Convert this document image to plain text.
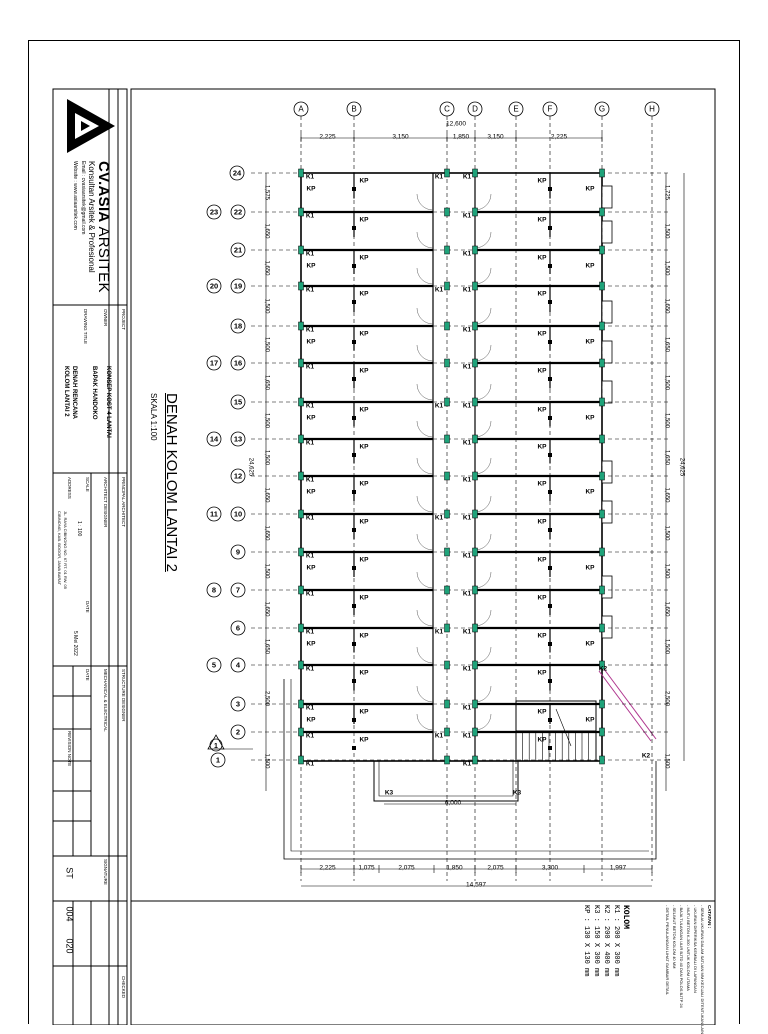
K1	K1
K1
K1	K1
K1	K1
K1	K1
K1
K1	K1
K1	K1
K1	K1
K1
K1	K1
K1	K1
K1	K1
K1
K1	K1
K1	K1
K1	K1
K1
K1	K1
K1	K1
K1	K1
K1
K1	K1
KP	KP
KP	KP
KP	KP
KP	KP
KP	KP
KP	KP
KP	KP
KP	KP
KP	KP
KP	KP
KP	KP
KP	KP
KP	KP
KP	KP
KP	KP
KP	KP
KP	KP
KP	KP
KP	KP
KP	KP
KP	KP
KP	KP
KP	KP
KP	KP
K2
K2
K3	K3
A	B	C	D	E	F	G	H
24
23 22
21
20 19
18
17 16
15
14 13
12
11 10
9
8	7
6
5	4
3
2
1
2,225	3,150	1,850	3,150	2,225
12,600
2,225	1,075	2,075	1,850	2,075	3,300	1,997
14,597
6,000
1,575
1,650
1,650
1,500
1,500
1,650
1,500
1,500
1,650
1,650
1,500
1,650
1,650
2,500
1,500
24,625
1,725
1,500
1,500
1,650
1,650
1,500
1,500
1,650
1,650
1,500
1,500
1,650
1,500
2,500
1,500
24,625
1
CV.ASIA ARSITEK
Konsultan Arsitek & Profesional
Email : cvasiaarsitek@gmail.com
Website : www.asiaarsitek.com
PROJECT
KONSEP KOST 4 LANTAI
OWNER
BAPAK HANDOKO
DRAWING TITLE
DENAH RENCANA
KOLOM LANTAI 2
PRINCIPAL ARCHITECT
ARCHITECT DESIGNER
SCALE
1 : 100
ADDRESS
JL. RAYA CIBINONG NO. 67 RT. 01 RW. 05
CIBINONG, KAB. BOGOR, JAWA BARAT
DATE
5 Mei 2022
STRUCTURE DESIGNER
MECHANICAL & ELECTRICAL
DATE
REVISION NOTE
SIGNATURE
CHECKED
ST
004
020
DENAH KOLOM LANTAI 2
SKALA 1:100
KOLOM
K1 : 200 X 300 mm
K2 : 200 X 400 mm
K3 : 150 X 300 mm
KP : 130 X 130 mm
CATATAN :
- SEMUA UKURAN DALAM SATUAN MM KECUALI DITENTUKAN LAIN
- UKURAN DIPERIKSA KEMBALI DI LAPANGAN
- MUTU BETON K-300 UNTUK KOLOM UTAMA
- BAJA TULANGAN ULIR BJTD 40 DAN POLOS BJTP 24
- SELIMUT BETON KOLOM 40 MM
- DETAIL PENULANGAN LIHAT GAMBAR DETAIL
